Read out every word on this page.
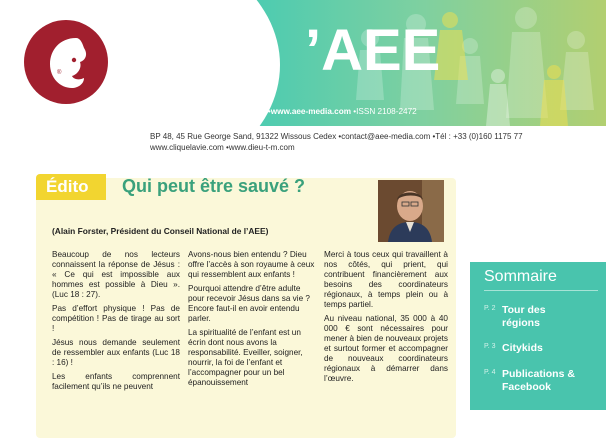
® info ’AEE
{ 2018 •n°2 }
Association Évangile & Enfance •www.aee-media.com •ISSN 2108-2472
BP 48, 45 Rue George Sand, 91322 Wissous Cedex •contact@aee-media.com •Tél : +33 (0)160 1175 77
www.cliquelavie.com •www.dieu-t-m.com
Édito Qui peut être sauvé ?
(Alain Forster, Président du Conseil National de l’AEE)

Beaucoup de nos lecteurs connaissent la réponse de Jésus : « Ce qui est impossible aux hommes est possible à Dieu ». (Luc 18 : 27).

Pas d’effort physique ! Pas de compétition ! Pas de tirage au sort !

Jésus nous demande seulement de ressembler aux enfants (Luc 18 : 16) !

Les enfants comprennent facilement qu’ils ne peuvent

Avons-nous bien entendu ? Dieu offre l’accès à son royaume à ceux qui ressemblent aux enfants !

Pourquoi attendre d’être adulte pour recevoir Jésus dans sa vie ? Encore faut-il en avoir entendu parler.

La spiritualité de l’enfant est un écrin dont nous avons la responsabilité. Eveiller, soigner, nourrir, la foi de l’enfant et l’accompagner pour un bel épanouissement

Merci à tous ceux qui travaillent à nos côtés, qui prient, qui contribuent financièrement aux besoins des coordinateurs régionaux, à temps plein ou à temps partiel.

Au niveau national, 35 000 à 40 000 € sont nécessaires pour mener à bien de nouveaux projets et surtout former et accompagner de nouveaux coordinateurs régionaux à démarrer dans l’œuvre.

Sommaire
P. 2 Tour des régions
P. 3 Citykids
P. 4 Publications & Facebook
